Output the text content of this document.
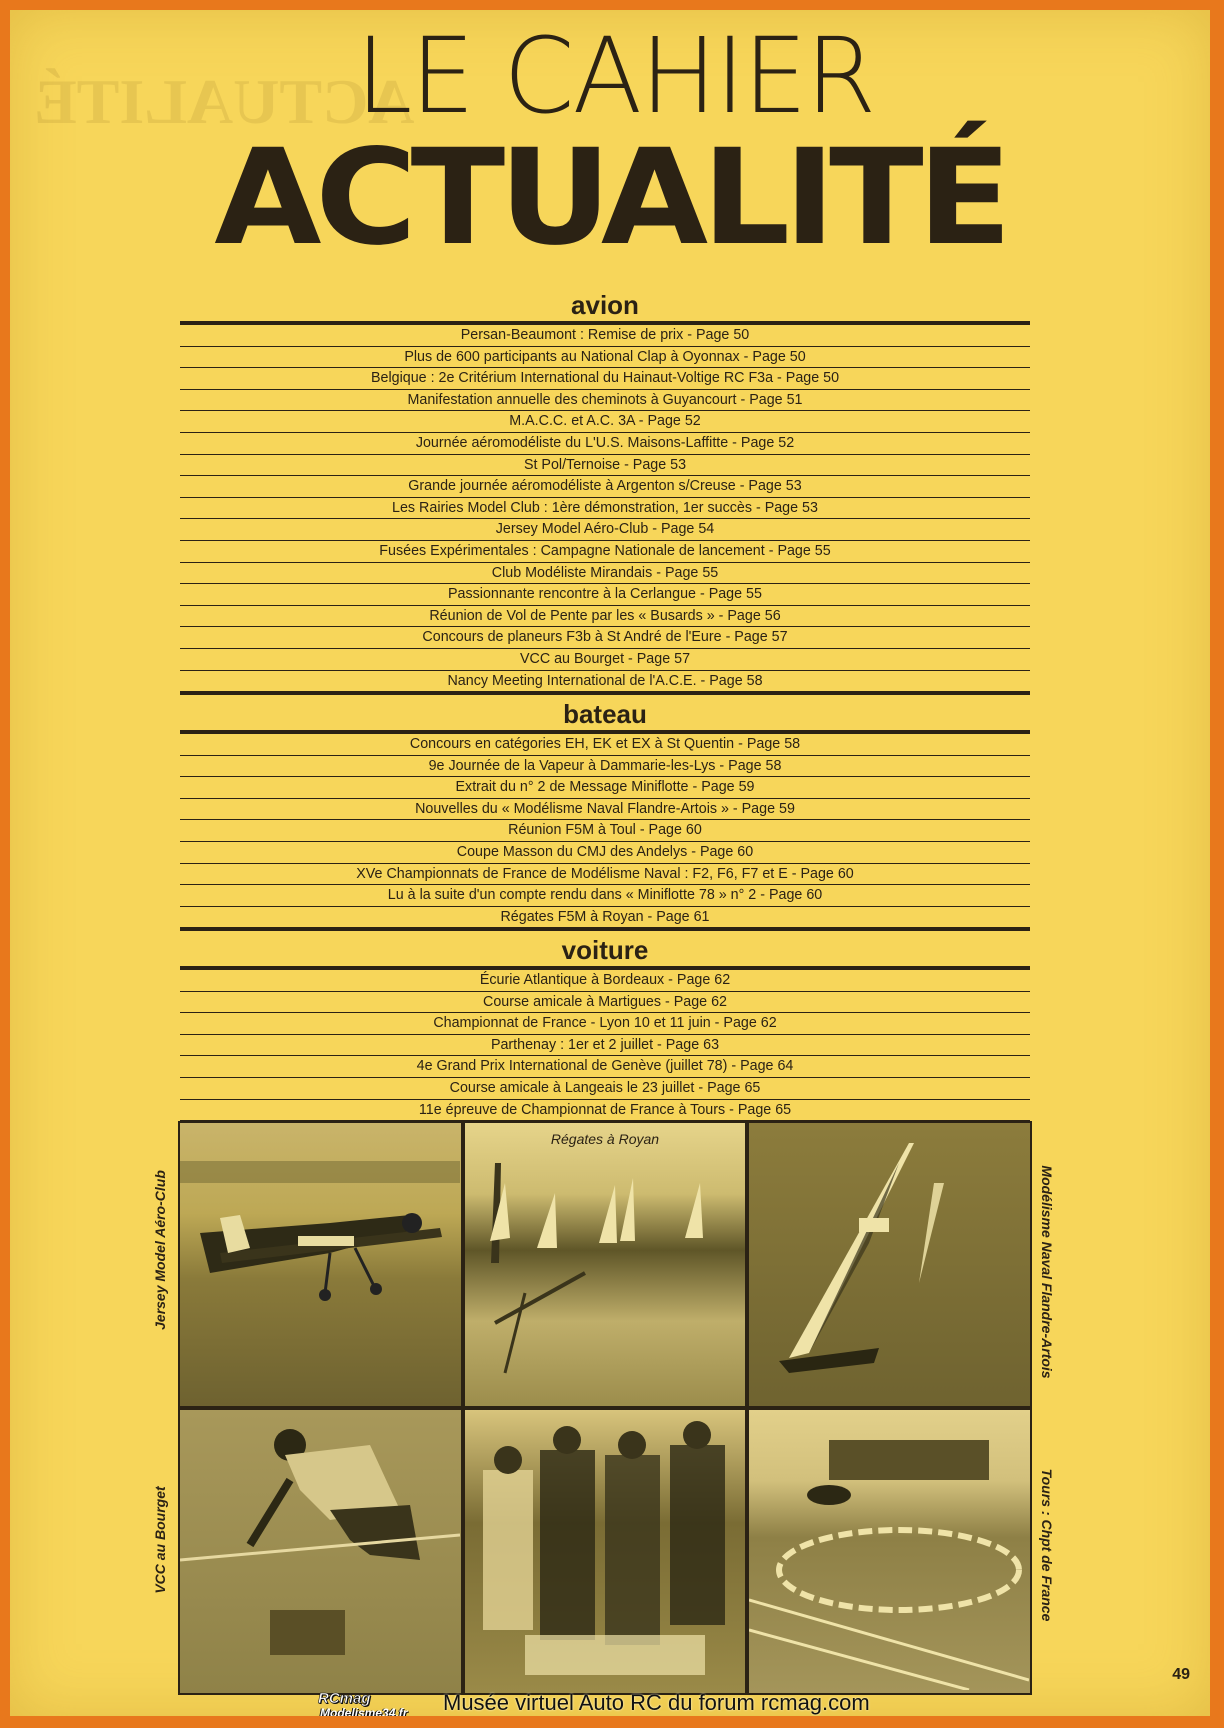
ACTUALITÉ
LE CAHIER
ACTUALITÉ
avion
Persan-Beaumont : Remise de prix - Page 50
Plus de 600 participants au National Clap à Oyonnax - Page 50
Belgique : 2e Critérium International du Hainaut-Voltige RC F3a - Page 50
Manifestation annuelle des cheminots à Guyancourt - Page 51
M.A.C.C. et A.C. 3A - Page 52
Journée aéromodéliste du L'U.S. Maisons-Laffitte - Page 52
St Pol/Ternoise - Page 53
Grande journée aéromodéliste à Argenton s/Creuse - Page 53
Les Rairies Model Club : 1ère démonstration, 1er succès - Page 53
Jersey Model Aéro-Club - Page 54
Fusées Expérimentales : Campagne Nationale de lancement - Page 55
Club Modéliste Mirandais - Page 55
Passionnante rencontre à la Cerlangue - Page 55
Réunion de Vol de Pente par les « Busards » - Page 56
Concours de planeurs F3b à St André de l'Eure - Page 57
VCC au Bourget - Page 57
Nancy Meeting International de l'A.C.E. - Page 58
bateau
Concours en catégories EH, EK et EX à St Quentin - Page 58
9e Journée de la Vapeur à Dammarie-les-Lys - Page 58
Extrait du n° 2 de Message Miniflotte - Page 59
Nouvelles du « Modélisme Naval Flandre-Artois » - Page 59
Réunion F5M à Toul - Page 60
Coupe Masson du CMJ des Andelys - Page 60
XVe Championnats de France de Modélisme Naval : F2, F6, F7 et E - Page 60
Lu à la suite d'un compte rendu dans « Miniflotte 78 » n° 2 - Page 60
Régates F5M à Royan - Page 61
voiture
Écurie Atlantique à Bordeaux - Page 62
Course amicale à Martigues - Page 62
Championnat de France - Lyon 10 et 11 juin - Page 62
Parthenay : 1er et 2 juillet - Page 63
4e Grand Prix International de Genève (juillet 78) - Page 64
Course amicale à Langeais le 23 juillet - Page 65
11e épreuve de Championnat de France à Tours - Page 65
Régates à Royan
Jersey Model Aéro-Club
VCC au Bourget
Modélisme Naval Flandre-Artois
Tours : Chpt de France
49
RCmag
Modelisme34.fr Musée virtuel Auto RC du forum rcmag.com
